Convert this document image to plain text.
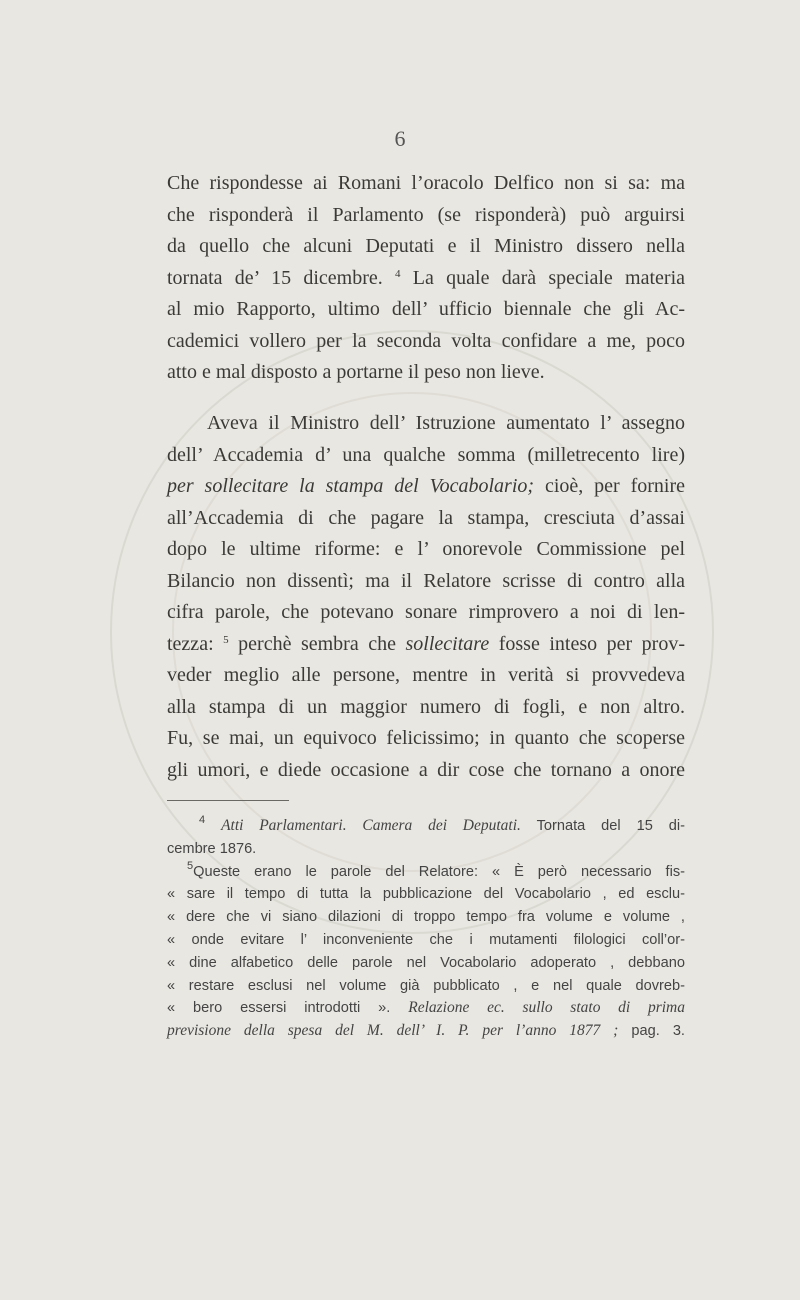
6
Che rispondesse ai Romani l’oracolo Delfico non si sa: ma
che risponderà il Parlamento (se risponderà) può arguirsi
da quello che alcuni Deputati e il Ministro dissero nella
tornata de’ 15 dicembre. $^4$ La quale darà speciale materia
al mio Rapporto, ultimo dell’ ufficio biennale che gli Ac-
cademici vollero per la seconda volta confidare a me, poco
atto e mal disposto a portarne il peso non lieve.
  Aveva il Ministro dell’ Istruzione aumentato l’ assegno
dell’ Accademia d’ una qualche somma (milletrecento lire)
per sollecitare la stampa del Vocabolario; cioè, per fornire
all’Accademia di che pagare la stampa, cresciuta d’assai
dopo le ultime riforme: e l’ onorevole Commissione pel
Bilancio non dissentì; ma il Relatore scrisse di contro alla
cifra parole, che potevano sonare rimprovero a noi di len-
tezza: $^5$ perchè sembra che sollecitare fosse inteso per prov-
veder meglio alle persone, mentre in verità si provvedeva
alla stampa di un maggior numero di fogli, e non altro.
Fu, se mai, un equivoco felicissimo; in quanto che scoperse
gli umori, e diede occasione a dir cose che tornano a onore
$^4$ Atti Parlamentari. Camera dei Deputati. Tornata del 15 di-
cembre 1876.
$^5$Queste erano le parole del Relatore: « È però necessario fis-
« sare il tempo di tutta la pubblicazione del Vocabolario , ed esclu-
« dere che vi siano dilazioni di troppo tempo fra volume e volume ,
« onde evitare l’ inconveniente che i mutamenti filologici coll’or-
« dine alfabetico delle parole nel Vocabolario adoperato , debbano
« restare esclusi nel volume già pubblicato , e nel quale dovreb-
« bero essersi introdotti ». Relazione ec. sullo stato di prima
previsione della spesa del M. dell’ I. P. per l’anno 1877 ; pag. 3.
